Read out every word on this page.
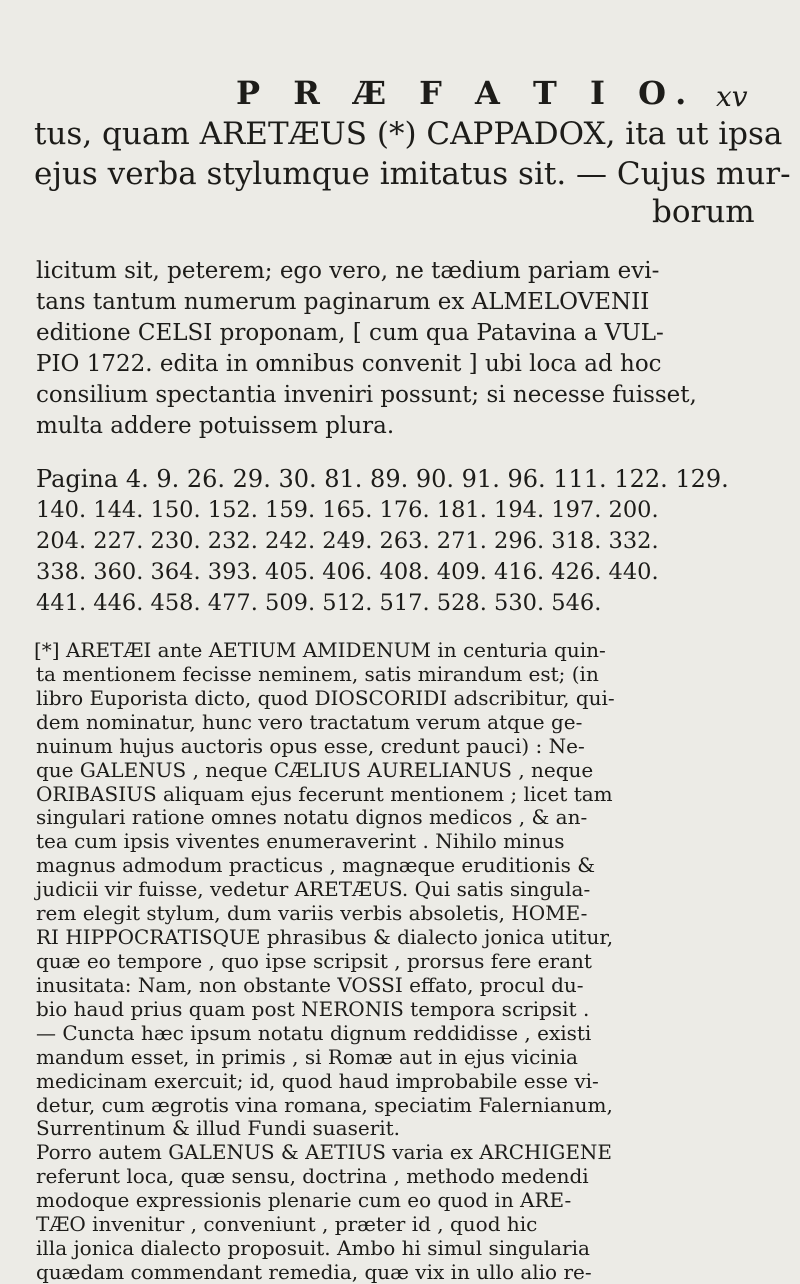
P R Æ F A T I O. xv
tus, quam ARETÆUS (*) CAPPADOX, ita ut ipsa
ejus verba stylumque imitatus sit. — Cujus mur-
borum
licitum sit, peterem; ego vero, ne tædium pariam evi-
tans tantum numerum paginarum ex ALMELOVENII
editione CELSI proponam, [ cum qua Patavina a VUL-
PIO 1722. edita in omnibus convenit ] ubi loca ad hoc
consilium spectantia inveniri possunt; si necesse fuisset,
multa addere potuissem plura.
Pagina 4. 9. 26. 29. 30. 81. 89. 90. 91. 96. 111. 122. 129.
140. 144. 150. 152. 159. 165. 176. 181. 194. 197. 200.
204. 227. 230. 232. 242. 249. 263. 271. 296. 318. 332.
338. 360. 364. 393. 405. 406. 408. 409. 416. 426. 440.
441. 446. 458. 477. 509. 512. 517. 528. 530. 546.
[*] ARETÆI ante AETIUM AMIDENUM in centuria quin-
ta mentionem fecisse neminem, satis mirandum est; (in
libro Euporista dicto, quod DIOSCORIDI adscribitur, qui-
dem nominatur, hunc vero tractatum verum atque ge-
nuinum hujus auctoris opus esse, credunt pauci) : Ne-
que GALENUS , neque CÆLIUS AURELIANUS , neque
ORIBASIUS aliquam ejus fecerunt mentionem ; licet tam
singulari ratione omnes notatu dignos medicos , & an-
tea cum ipsis viventes enumeraverint . Nihilo minus
magnus admodum practicus , magnæque eruditionis &
judicii vir fuisse, vedetur ARETÆUS. Qui satis singula-
rem elegit stylum, dum variis verbis absoletis, HOME-
RI HIPPOCRATISQUE phrasibus & dialecto jonica utitur,
quæ eo tempore , quo ipse scripsit , prorsus fere erant
inusitata: Nam, non obstante VOSSI effato, procul du-
bio haud prius quam post NERONIS tempora scripsit .
— Cuncta hæc ipsum notatu dignum reddidisse , existi
mandum esset, in primis , si Romæ aut in ejus vicinia
medicinam exercuit; id, quod haud improbabile esse vi-
detur, cum ægrotis vina romana, speciatim Falernianum,
Surrentinum & illud Fundi suaserit.
Porro autem GALENUS & AETIUS varia ex ARCHIGENE
referunt loca, quæ sensu, doctrina , methodo medendi
modoque expressionis plenarie cum eo quod in ARE-
TÆO invenitur , conveniunt , præter id , quod hic
illa jonica dialecto proposuit. Ambo hi simul singularia
quædam commendant remedia, quæ vix in ullo alio re-
